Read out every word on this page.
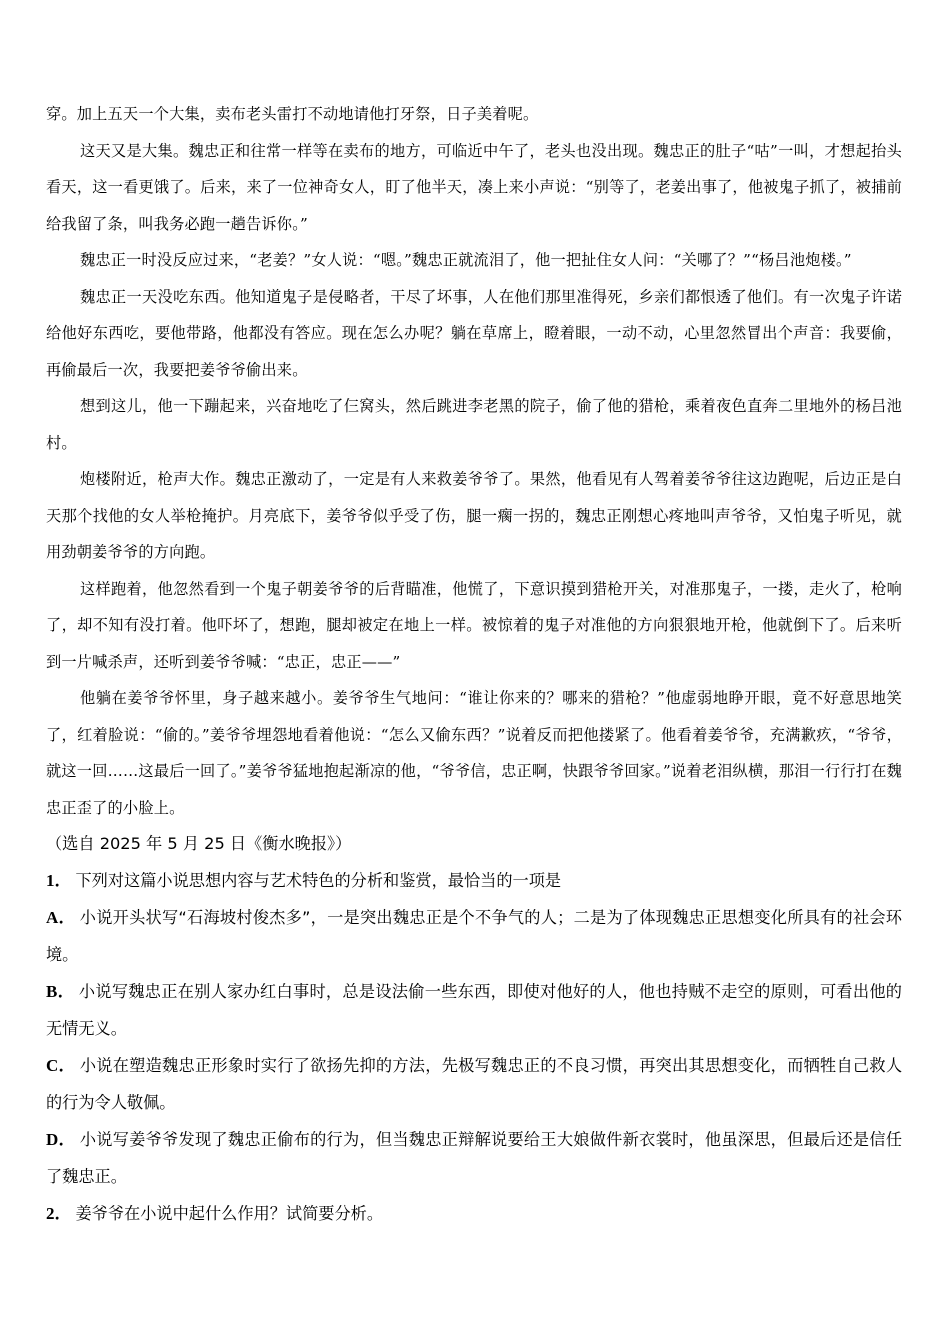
穿。加上五天一个大集，卖布老头雷打不动地请他打牙祭，日子美着呢。

这天又是大集。魏忠正和往常一样等在卖布的地方，可临近中午了，老头也没出现。魏忠正的肚子“咕”一叫，才想起抬头看天，这一看更饿了。后来，来了一位神奇女人，盯了他半天，凑上来小声说：“别等了，老姜出事了，他被鬼子抓了，被捕前给我留了条，叫我务必跑一趟告诉你。”

魏忠正一时没反应过来，“老姜？”女人说：“嗯。”魏忠正就流泪了，他一把扯住女人问：“关哪了？”“杨吕池炮楼。”

魏忠正一天没吃东西。他知道鬼子是侵略者，干尽了坏事，人在他们那里准得死，乡亲们都恨透了他们。有一次鬼子许诺给他好东西吃，要他带路，他都没有答应。现在怎么办呢？躺在草席上，瞪着眼，一动不动，心里忽然冒出个声音：我要偷，再偷最后一次，我要把姜爷爷偷出来。

想到这儿，他一下蹦起来，兴奋地吃了仨窝头，然后跳进李老黑的院子，偷了他的猎枪，乘着夜色直奔二里地外的杨吕池村。

炮楼附近，枪声大作。魏忠正激动了，一定是有人来救姜爷爷了。果然，他看见有人驾着姜爷爷往这边跑呢，后边正是白天那个找他的女人举枪掩护。月亮底下，姜爷爷似乎受了伤，腿一瘸一拐的，魏忠正刚想心疼地叫声爷爷，又怕鬼子听见，就用劲朝姜爷爷的方向跑。

这样跑着，他忽然看到一个鬼子朝姜爷爷的后背瞄准，他慌了，下意识摸到猎枪开关，对准那鬼子，一搂，走火了，枪响了，却不知有没打着。他吓坏了，想跑，腿却被定在地上一样。被惊着的鬼子对准他的方向狠狠地开枪，他就倒下了。后来听到一片喊杀声，还听到姜爷爷喊：“忠正，忠正——”

他躺在姜爷爷怀里，身子越来越小。姜爷爷生气地问：“谁让你来的？哪来的猎枪？”他虚弱地睁开眼，竟不好意思地笑了，红着脸说：“偷的。”姜爷爷埋怨地看着他说：“怎么又偷东西？”说着反而把他搂紧了。他看着姜爷爷，充满歉疚，“爷爷，就这一回……这最后一回了。”姜爷爷猛地抱起渐凉的他，“爷爷信，忠正啊，快跟爷爷回家。”说着老泪纵横，那泪一行行打在魏忠正歪了的小脸上。

（选自 2025 年 5 月 25 日《衡水晚报》）

1． 下列对这篇小说思想内容与艺术特色的分析和鉴赏，最恰当的一项是

A． 小说开头状写“石海坡村俊杰多”，一是突出魏忠正是个不争气的人；二是为了体现魏忠正思想变化所具有的社会环境。

B． 小说写魏忠正在别人家办红白事时，总是设法偷一些东西，即使对他好的人，他也持贼不走空的原则，可看出他的无情无义。

C． 小说在塑造魏忠正形象时实行了欲扬先抑的方法，先极写魏忠正的不良习惯，再突出其思想变化，而牺牲自己救人的行为令人敬佩。

D． 小说写姜爷爷发现了魏忠正偷布的行为，但当魏忠正辩解说要给王大娘做件新衣裳时，他虽深思，但最后还是信任了魏忠正。

2． 姜爷爷在小说中起什么作用？试简要分析。
